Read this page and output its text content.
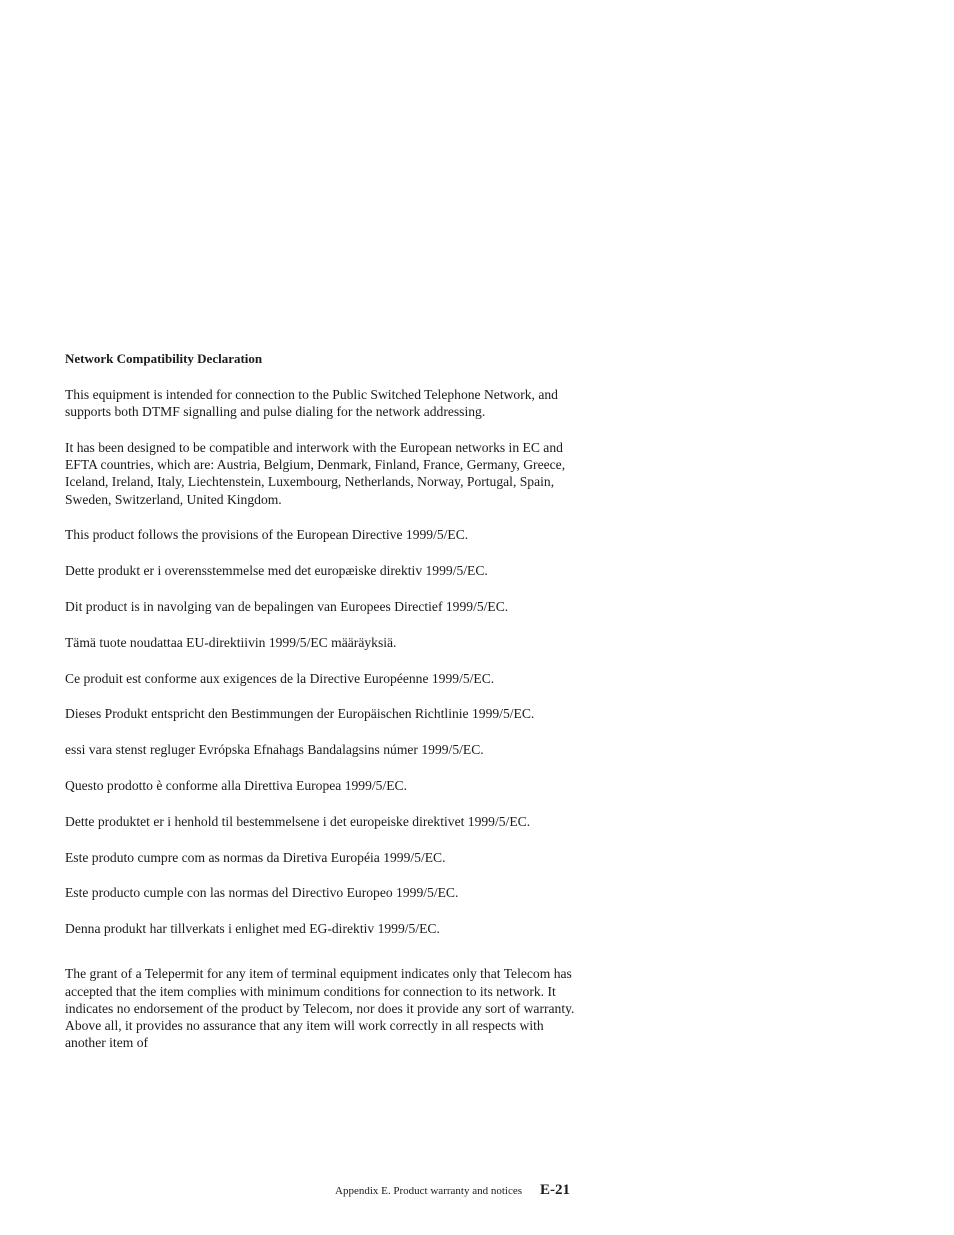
Network Compatibility Declaration

This equipment is intended for connection to the Public Switched Telephone Network, and supports both DTMF signalling and pulse dialing for the network addressing.

It has been designed to be compatible and interwork with the European networks in EC and EFTA countries, which are: Austria, Belgium, Denmark, Finland, France, Germany, Greece, Iceland, Ireland, Italy, Liechtenstein, Luxembourg, Netherlands, Norway, Portugal, Spain, Sweden, Switzerland, United Kingdom.

This product follows the provisions of the European Directive 1999/5/EC.

Dette produkt er i overensstemmelse med det europæiske direktiv 1999/5/EC.

Dit product is in navolging van de bepalingen van Europees Directief 1999/5/EC.

Tämä tuote noudattaa EU-direktiivin 1999/5/EC määräyksiä.

Ce produit est conforme aux exigences de la Directive Européenne 1999/5/EC.

Dieses Produkt entspricht den Bestimmungen der Europäischen Richtlinie 1999/5/EC.

essi vara stenst regluger Evrópska Efnahags Bandalagsins númer 1999/5/EC.

Questo prodotto è conforme alla Direttiva Europea 1999/5/EC.

Dette produktet er i henhold til bestemmelsene i det europeiske direktivet 1999/5/EC.

Este produto cumpre com as normas da Diretiva Européia 1999/5/EC.

Este producto cumple con las normas del Directivo Europeo 1999/5/EC.

Denna produkt har tillverkats i enlighet med EG-direktiv 1999/5/EC.

The grant of a Telepermit for any item of terminal equipment indicates only that Telecom has accepted that the item complies with minimum conditions for connection to its network. It indicates no endorsement of the product by Telecom, nor does it provide any sort of warranty. Above all, it provides no assurance that any item will work correctly in all respects with another item of

Appendix E. Product warranty and notices E-21
